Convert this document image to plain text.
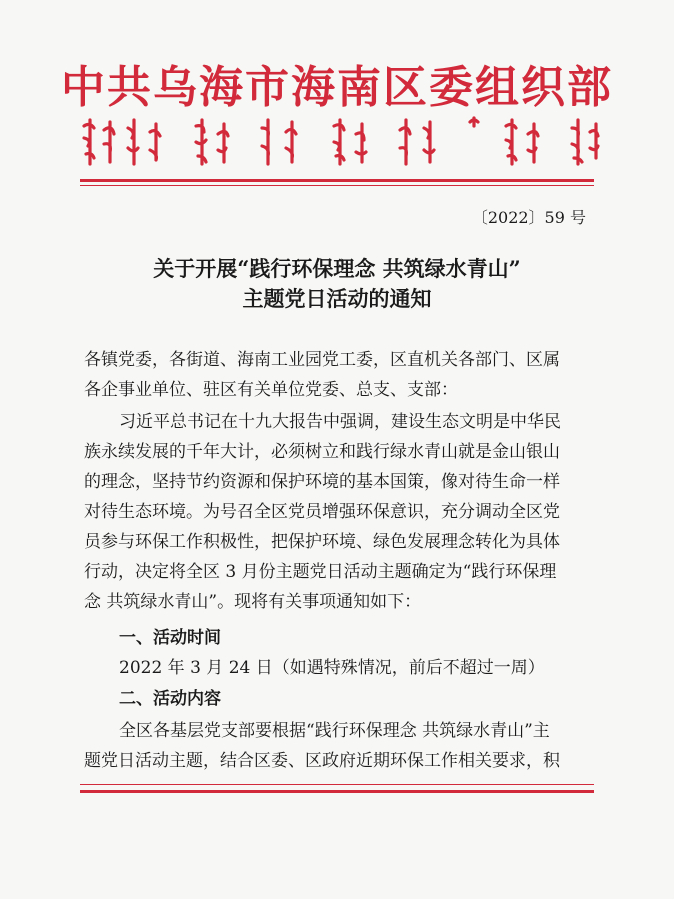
中共乌海市海南区委组织部
〔2022〕59 号
关于开展“践行环保理念 共筑绿水青山”
主题党日活动的通知
各镇党委，各街道、海南工业园党工委，区直机关各部门、区属
各企事业单位、驻区有关单位党委、总支、支部：
习近平总书记在十九大报告中强调，建设生态文明是中华民
族永续发展的千年大计，必须树立和践行绿水青山就是金山银山
的理念，坚持节约资源和保护环境的基本国策，像对待生命一样
对待生态环境。为号召全区党员增强环保意识，充分调动全区党
员参与环保工作积极性，把保护环境、绿色发展理念转化为具体
行动，决定将全区 3 月份主题党日活动主题确定为“践行环保理
念 共筑绿水青山”。现将有关事项通知如下：
一、活动时间
2022 年 3 月 24 日（如遇特殊情况，前后不超过一周）
二、活动内容
全区各基层党支部要根据“践行环保理念 共筑绿水青山”主
题党日活动主题，结合区委、区政府近期环保工作相关要求，积
